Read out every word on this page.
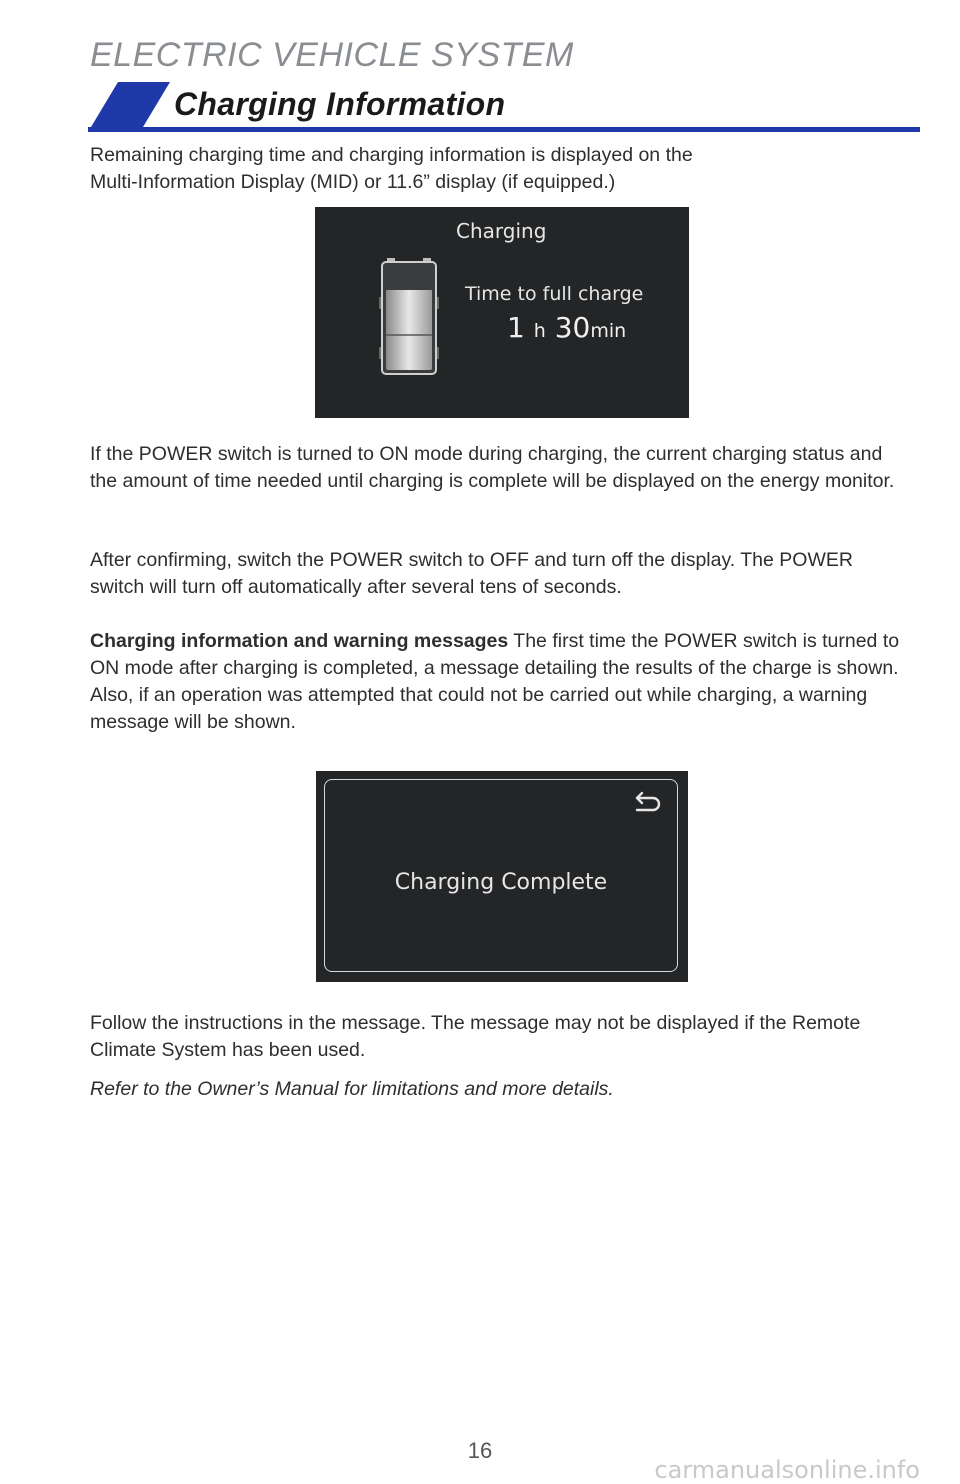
ELECTRIC VEHICLE SYSTEM
Charging Information

Remaining charging time and charging information is displayed on the
Multi-Information Display (MID) or 11.6” display (if equipped.)

Charging

Time to full charge

1 h 30min

If the POWER switch is turned to ON mode during charging, the current charging status and the amount of time needed until charging is complete will be displayed on the energy monitor.

After confirming, switch the POWER switch to OFF and turn off the display. The POWER switch will turn off automatically after several tens of seconds.

Charging information and warning messages The first time the POWER switch is turned to ON mode after charging is completed, a message detailing the results of the charge is shown. Also, if an operation was attempted that could not be carried out while charging, a warning message will be shown.

Charging Complete

Follow the instructions in the message. The message may not be displayed if the Remote Climate System has been used.

Refer to the Owner’s Manual for limitations and more details.

16

carmanualsonline.info
